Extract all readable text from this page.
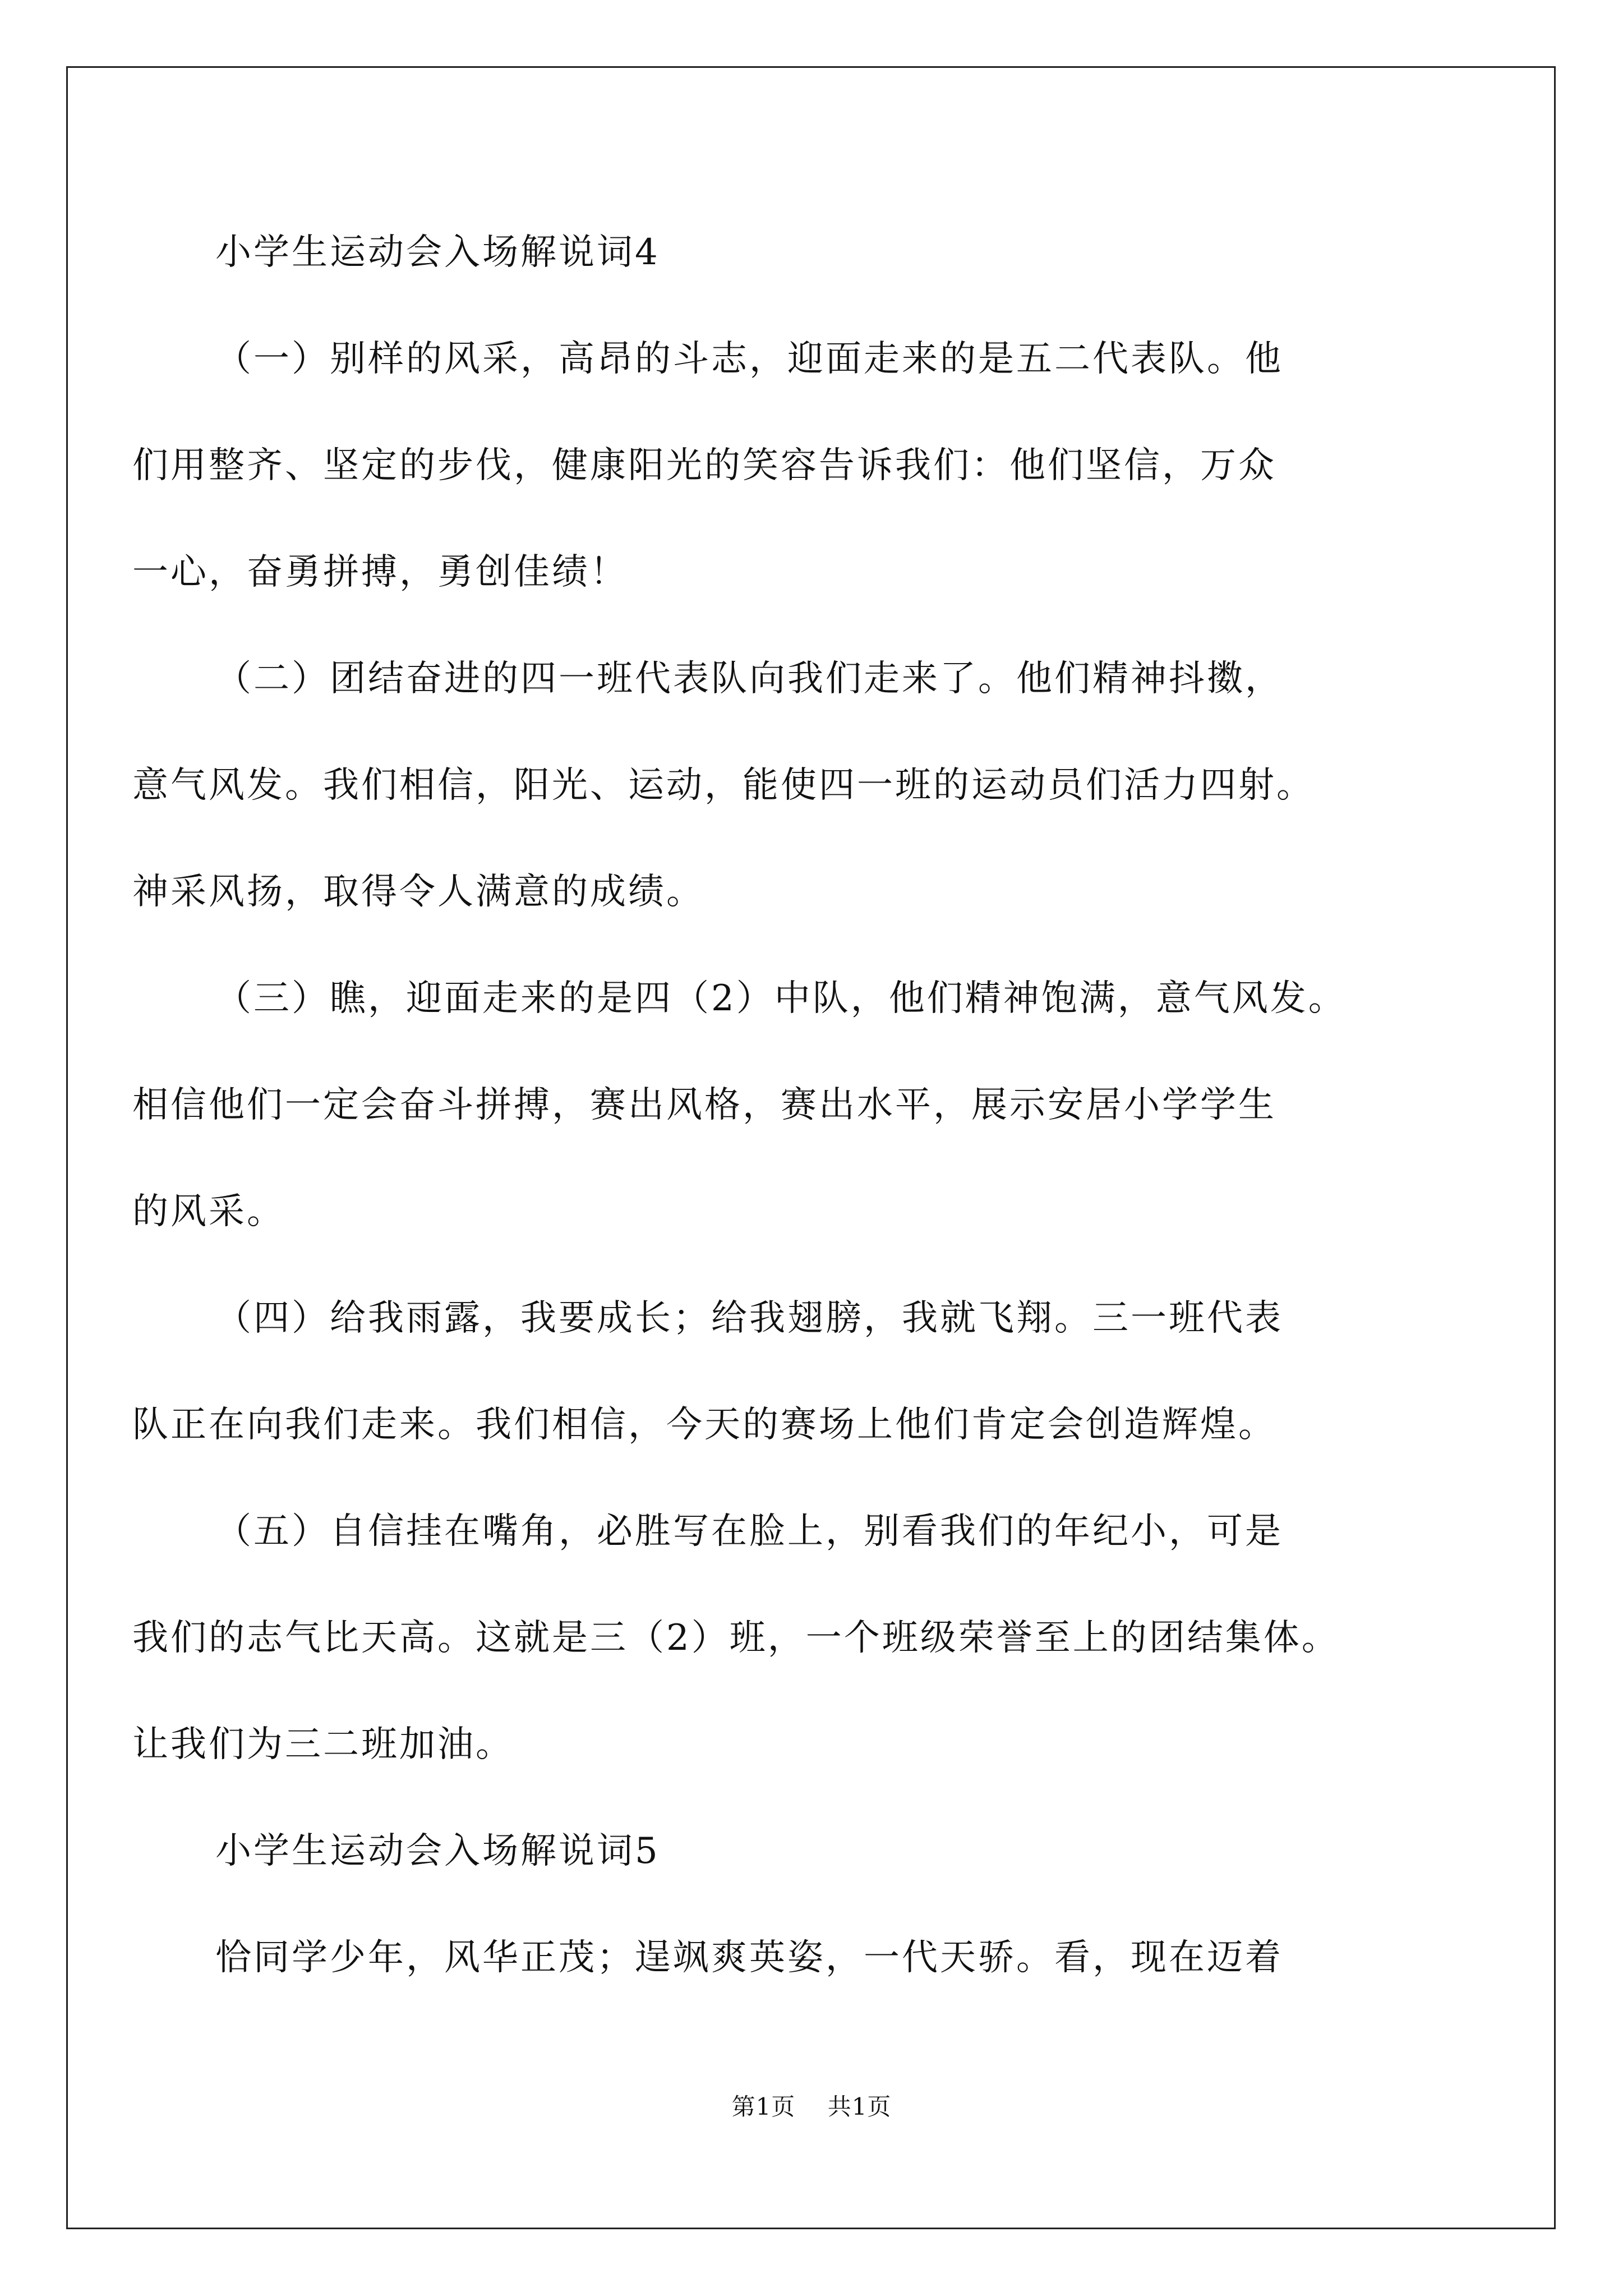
小学生运动会入场解说词4
（一）别样的风采，高昂的斗志，迎面走来的是五二代表队。他
们用整齐、坚定的步伐，健康阳光的笑容告诉我们：他们坚信，万众
一心，奋勇拼搏，勇创佳绩！
（二）团结奋进的四一班代表队向我们走来了。他们精神抖擞，
意气风发。我们相信，阳光、运动，能使四一班的运动员们活力四射。
神采风扬，取得令人满意的成绩。
（三）瞧，迎面走来的是四（2）中队，他们精神饱满，意气风发。
相信他们一定会奋斗拼搏，赛出风格，赛出水平，展示安居小学学生
的风采。
（四）给我雨露，我要成长；给我翅膀，我就飞翔。三一班代表
队正在向我们走来。我们相信，今天的赛场上他们肯定会创造辉煌。
（五）自信挂在嘴角，必胜写在脸上，别看我们的年纪小，可是
我们的志气比天高。这就是三（2）班，一个班级荣誉至上的团结集体。
让我们为三二班加油。
小学生运动会入场解说词5
恰同学少年，风华正茂；逞飒爽英姿，一代天骄。看，现在迈着
第1页 共1页
